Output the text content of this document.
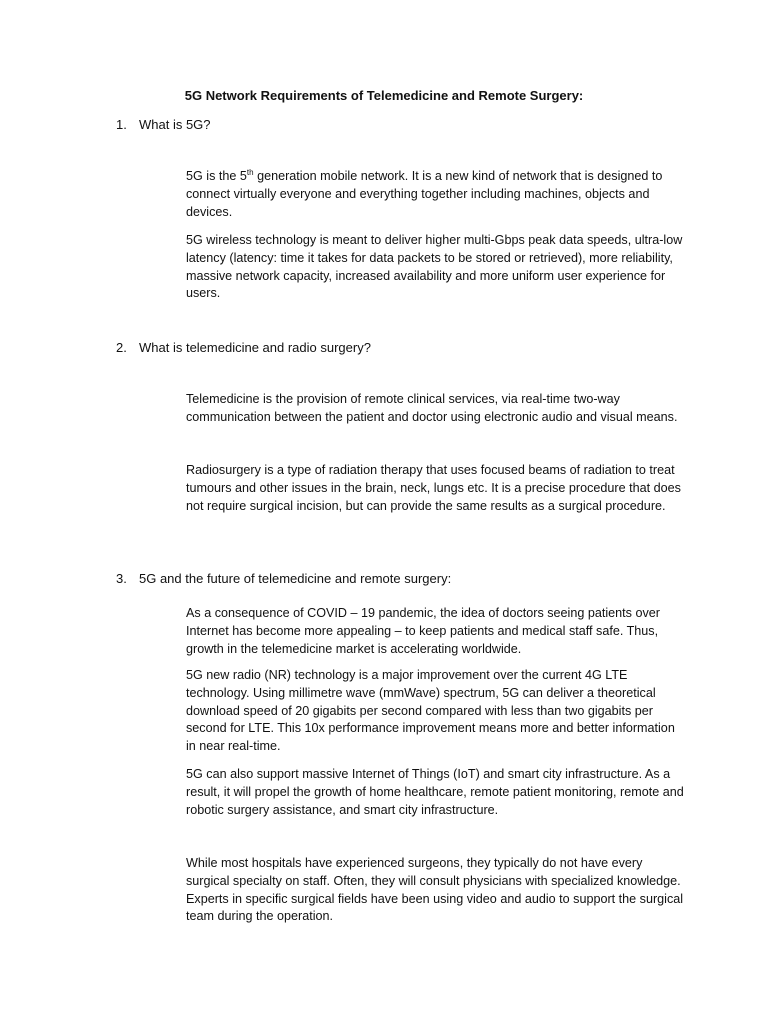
5G Network Requirements of Telemedicine and Remote Surgery:

1. What is 5G?

5G is the 5th generation mobile network. It is a new kind of network that is designed to connect virtually everyone and everything together including machines, objects and devices.

5G wireless technology is meant to deliver higher multi-Gbps peak data speeds, ultra-low latency (latency: time it takes for data packets to be stored or retrieved), more reliability, massive network capacity, increased availability and more uniform user experience for users.

2. What is telemedicine and radio surgery?

Telemedicine is the provision of remote clinical services, via real-time two-way communication between the patient and doctor using electronic audio and visual means.

Radiosurgery is a type of radiation therapy that uses focused beams of radiation to treat tumours and other issues in the brain, neck, lungs etc. It is a precise procedure that does not require surgical incision, but can provide the same results as a surgical procedure.

3. 5G and the future of telemedicine and remote surgery:

As a consequence of COVID – 19 pandemic, the idea of doctors seeing patients over Internet has become more appealing – to keep patients and medical staff safe. Thus, growth in the telemedicine market is accelerating worldwide.

5G new radio (NR) technology is a major improvement over the current 4G LTE technology. Using millimetre wave (mmWave) spectrum, 5G can deliver a theoretical download speed of 20 gigabits per second compared with less than two gigabits per second for LTE. This 10x performance improvement means more and better information in near real-time.

5G can also support massive Internet of Things (IoT) and smart city infrastructure. As a result, it will propel the growth of home healthcare, remote patient monitoring, remote and robotic surgery assistance, and smart city infrastructure.

While most hospitals have experienced surgeons, they typically do not have every surgical specialty on staff. Often, they will consult physicians with specialized knowledge. Experts in specific surgical fields have been using video and audio to support the surgical team during the operation.
